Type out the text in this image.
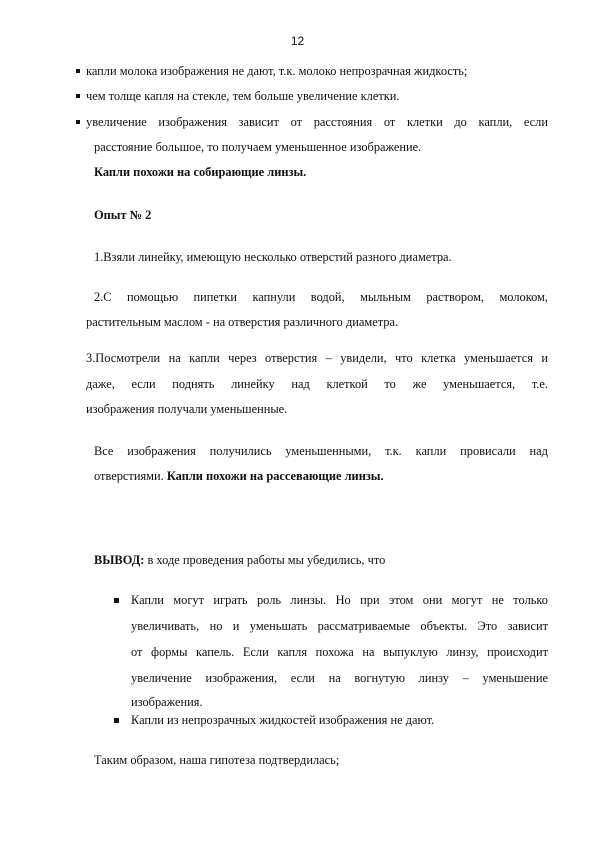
12

капли молока изображения не дают, т.к. молоко непрозрачная жидкость;

чем толще капля на стекле, тем больше увеличение клетки.

увеличение изображения зависит от расстояния от клетки до капли, если

расстояние большое, то получаем уменьшенное изображение.

Капли похожи на собирающие линзы.

Опыт № 2

1.Взяли линейку, имеющую несколько отверстий разного диаметра.

2.С помощью пипетки капнули водой, мыльным раствором, молоком,

растительным маслом - на отверстия различного диаметра.

3.Посмотрели на капли через отверстия – увидели, что клетка уменьшается и

даже, если поднять линейку над клеткой то же уменьшается, т.е.

изображения получали уменьшенные.

Все изображения получились уменьшенными, т.к. капли провисали над

отверстиями. Капли похожи на рассевающие линзы.

ВЫВОД: в ходе проведения работы мы убедились, что

Капли могут играть роль линзы. Но при этом они могут не только

увеличивать, но и уменьшать рассматриваемые объекты. Это зависит

от формы капель. Если капля похожа на выпуклую линзу, происходит

увеличение изображения, если на вогнутую линзу – уменьшение

изображения.

Капли из непрозрачных жидкостей изображения не дают.

Таким образом, наша гипотеза подтвердилась;
